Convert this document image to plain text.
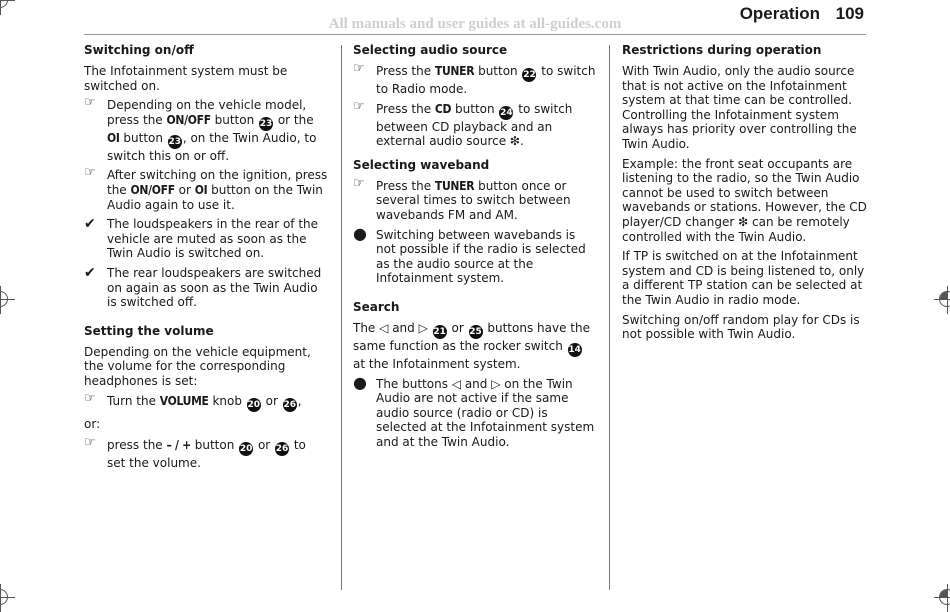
All manuals and user guides at all-guides.com
Operation 109
Switching on/off

The Infotainment system must be switched on.

☞ Depending on the vehicle model, press the ON/OFF button 23 or the OI button 23 , on the Twin Audio, to switch this on or off.
☞ After switching on the ignition, press the ON/OFF or OI button on the Twin Audio again to use it.
✔ The loudspeakers in the rear of the vehicle are muted as soon as the Twin Audio is switched on.
✔ The rear loudspeakers are switched on again as soon as the Twin Audio is switched off.
Setting the volume

Depending on the vehicle equipment, the volume for the corresponding headphones is set:

☞ Turn the VOLUME knob 20 or 26 ,

or:

☞ press the – / + button 20 or 26 to set the volume.
Selecting audio source
☞ Press the TUNER button 22 to switch to Radio mode.
☞ Press the CD button 24 to switch between CD playback and an external audio source ❇.
Selecting waveband
☞ Press the TUNER button once or several times to switch between wavebands FM and AM.
● Switching between wavebands is not possible if the radio is selected as the audio source at the Infotainment system.
Search

The ◁ and ▷ 21 or 25 buttons have the same function as the rocker switch 14 at the Infotainment system.

● The buttons ◁ and ▷ on the Twin Audio are not active if the same audio source (radio or CD) is selected at the Infotainment system and at the Twin Audio.
Restrictions during operation

With Twin Audio, only the audio source that is not active on the Infotainment system at that time can be controlled. Controlling the Infotainment system always has priority over controlling the Twin Audio.

Example: the front seat occupants are listening to the radio, so the Twin Audio cannot be used to switch between wavebands or stations. However, the CD player/CD changer ❇ can be remotely controlled with the Twin Audio.

If TP is switched on at the Infotainment system and CD is being listened to, only a different TP station can be selected at the Twin Audio in radio mode.

Switching on/off random play for CDs is not possible with Twin Audio.
